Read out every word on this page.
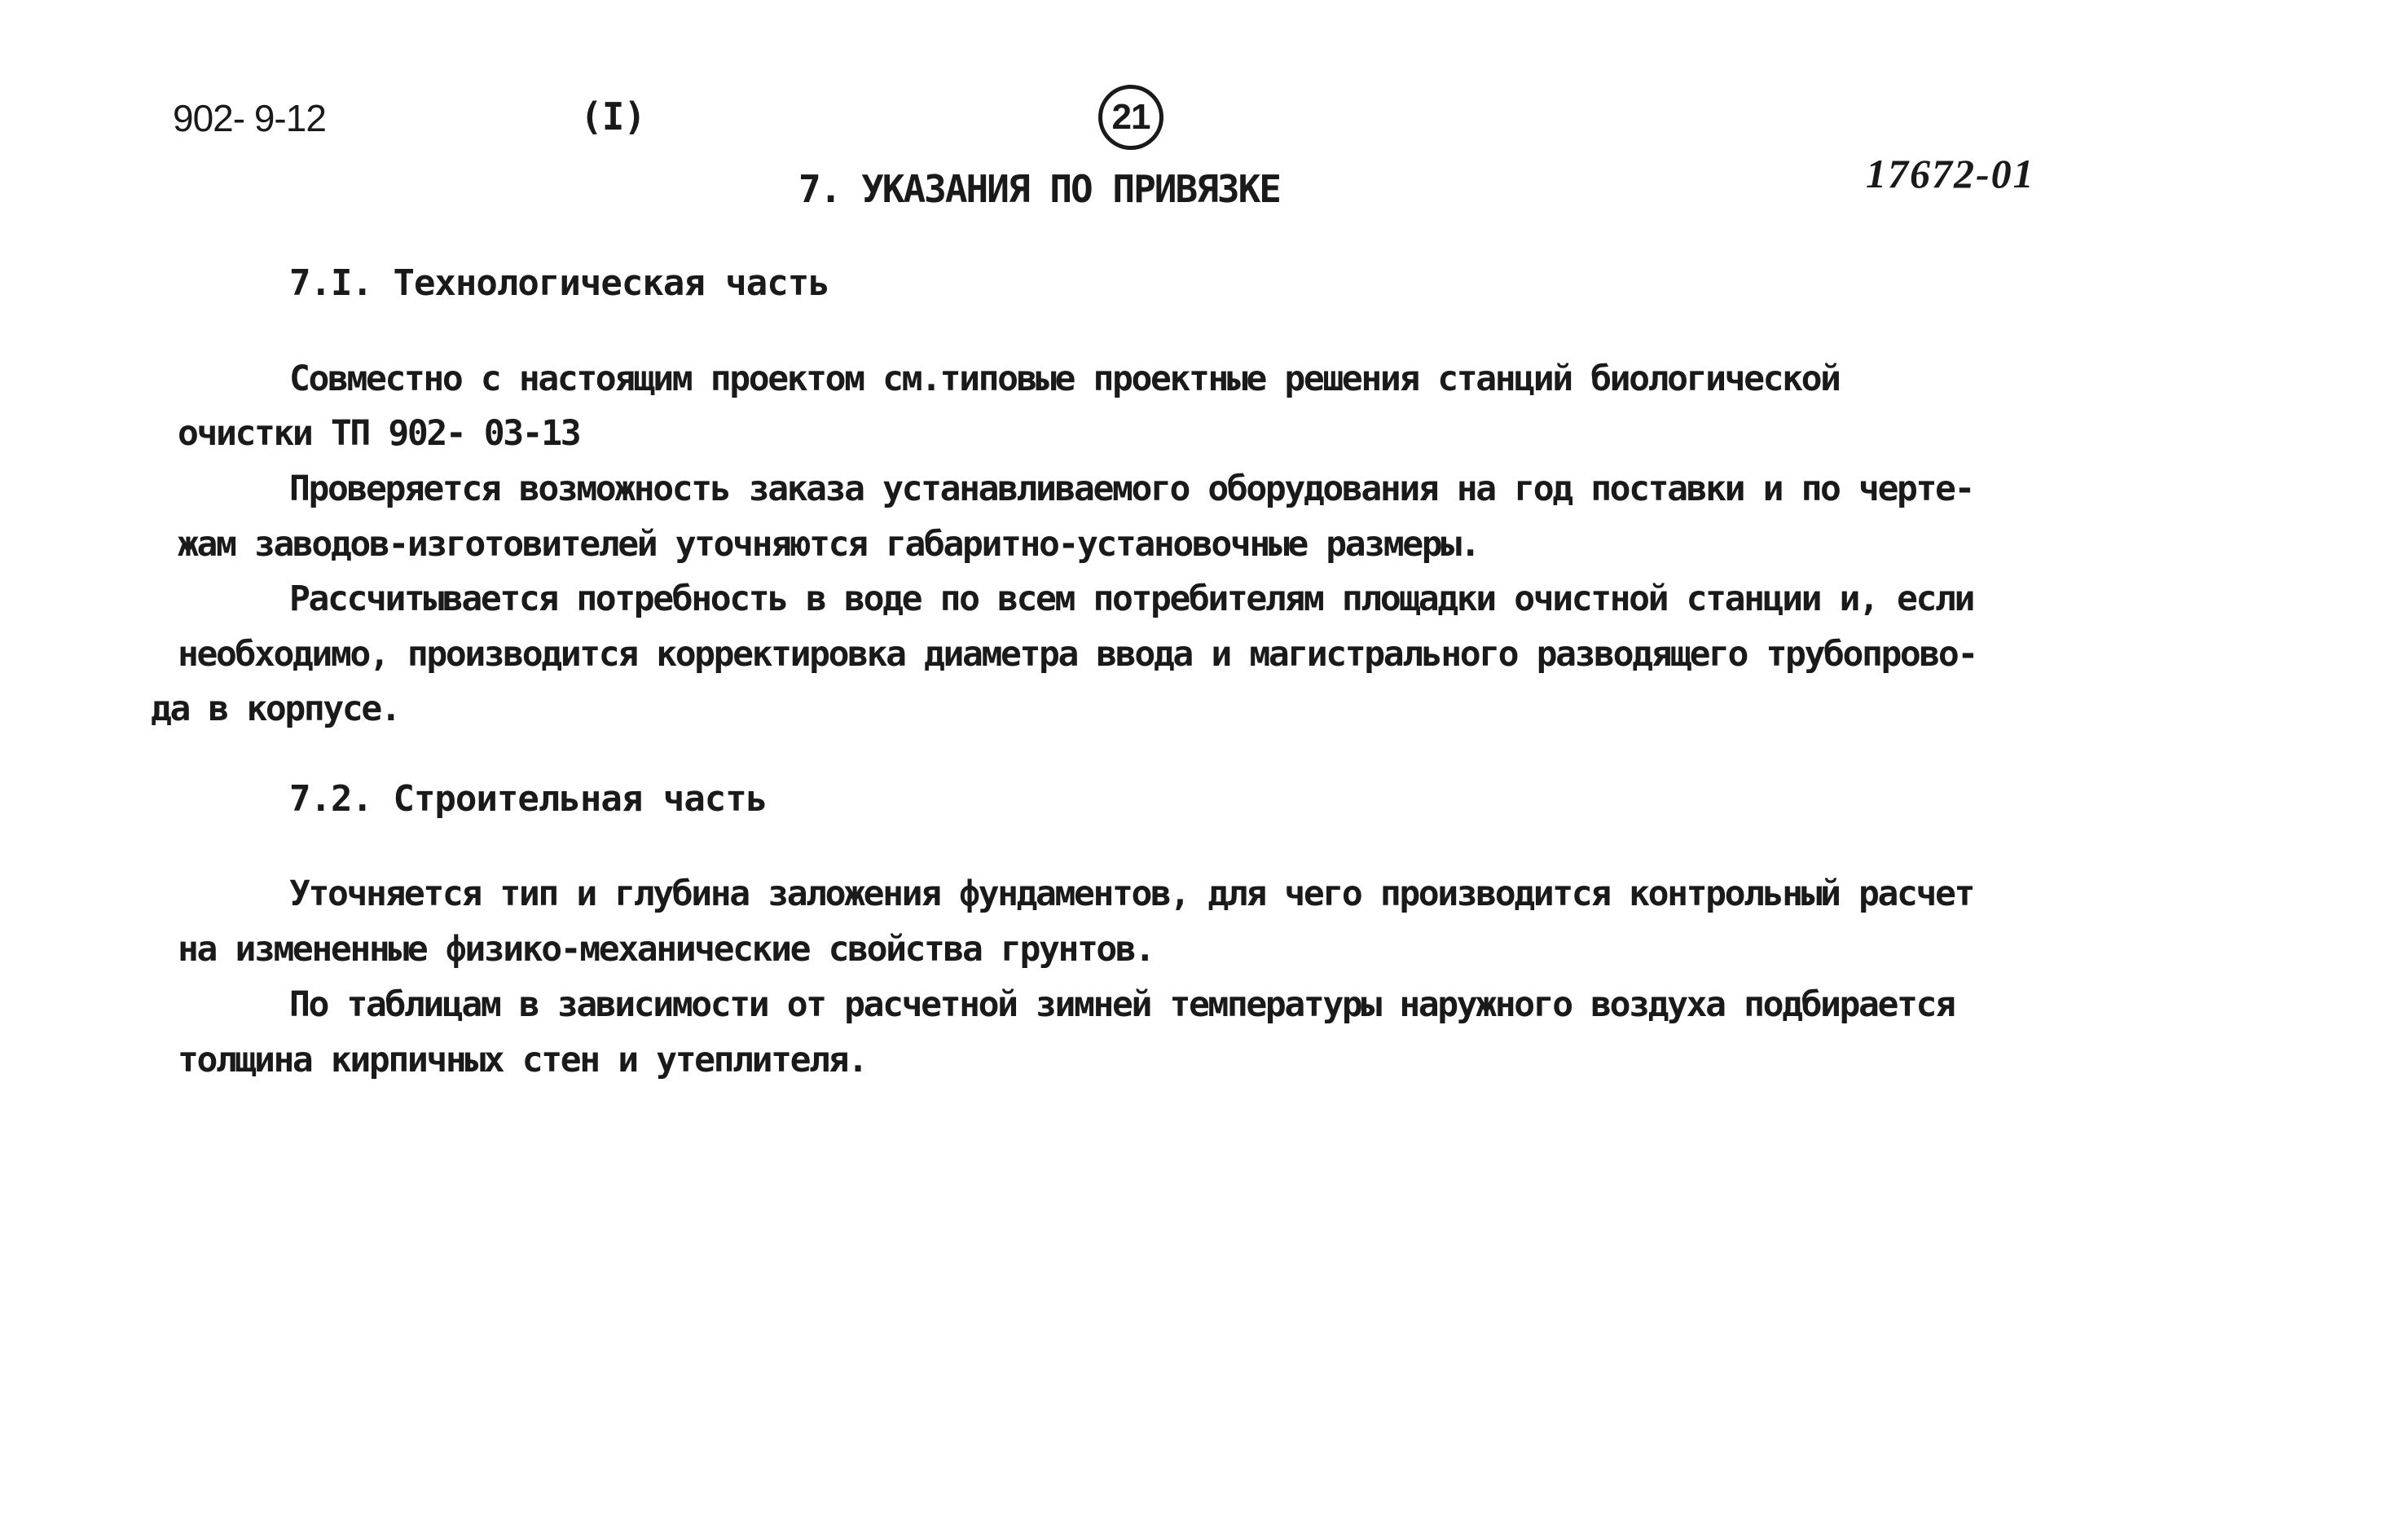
902- 9-12	(I)	21
17672-01
7. УКАЗАНИЯ ПО ПРИВЯЗКЕ
7.I. Технологическая часть
Совместно с настоящим проектом см.типовые проектные решения станций биологической
очистки ТП 902- 03-13
Проверяется возможность заказа устанавливаемого оборудования на год поставки и по черте-
жам заводов-изготовителей уточняются габаритно-установочные размеры.
Рассчитывается потребность в воде по всем потребителям площадки очистной станции и, если
необходимо, производится корректировка диаметра ввода и магистрального разводящего трубопрово-
да в корпусе.
7.2. Строительная часть
Уточняется тип и глубина заложения фундаментов, для чего производится контрольный расчет
на измененные физико-механические свойства грунтов.
По таблицам в зависимости от расчетной зимней температуры наружного воздуха подбирается
толщина кирпичных стен и утеплителя.
